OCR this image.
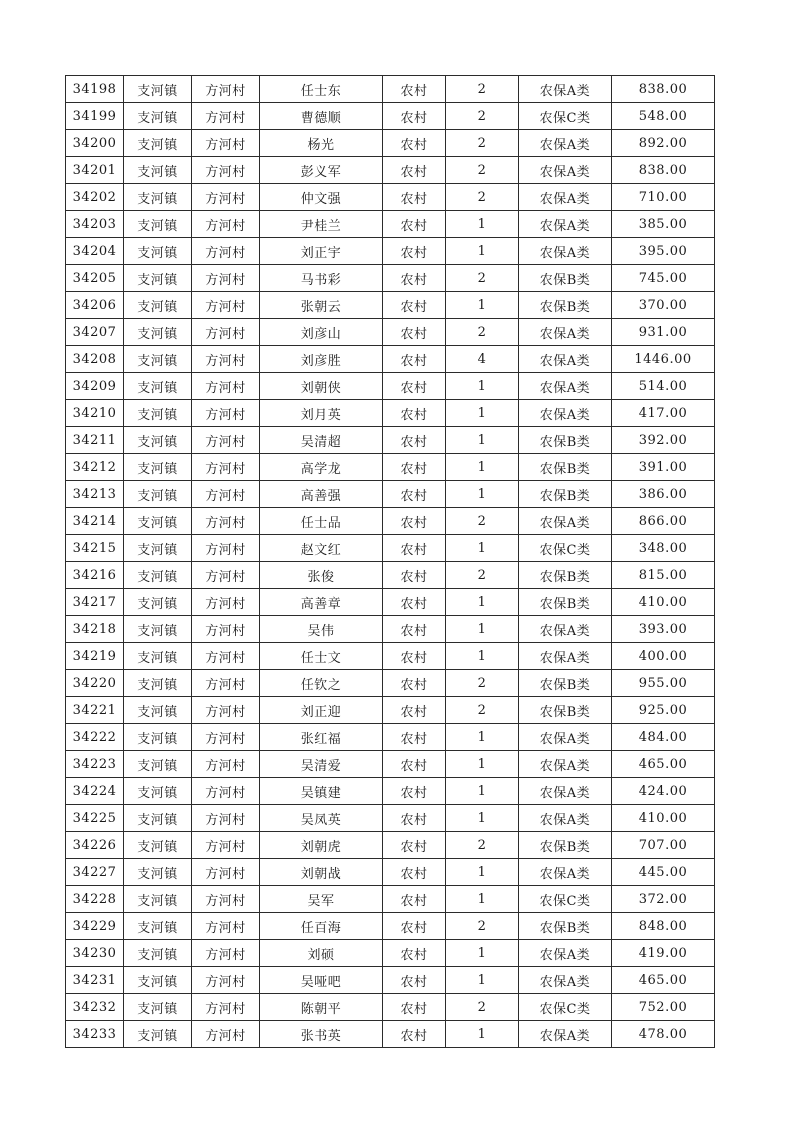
34198	支河镇	方河村	任士东	农村	2	农保A类	838.00
34199	支河镇	方河村	曹德顺	农村	2	农保C类	548.00
34200	支河镇	方河村	杨光	农村	2	农保A类	892.00
34201	支河镇	方河村	彭义军	农村	2	农保A类	838.00
34202	支河镇	方河村	仲文强	农村	2	农保A类	710.00
34203	支河镇	方河村	尹桂兰	农村	1	农保A类	385.00
34204	支河镇	方河村	刘正宇	农村	1	农保A类	395.00
34205	支河镇	方河村	马书彩	农村	2	农保B类	745.00
34206	支河镇	方河村	张朝云	农村	1	农保B类	370.00
34207	支河镇	方河村	刘彦山	农村	2	农保A类	931.00
34208	支河镇	方河村	刘彦胜	农村	4	农保A类	1446.00
34209	支河镇	方河村	刘朝侠	农村	1	农保A类	514.00
34210	支河镇	方河村	刘月英	农村	1	农保A类	417.00
34211	支河镇	方河村	吴清超	农村	1	农保B类	392.00
34212	支河镇	方河村	高学龙	农村	1	农保B类	391.00
34213	支河镇	方河村	高善强	农村	1	农保B类	386.00
34214	支河镇	方河村	任士品	农村	2	农保A类	866.00
34215	支河镇	方河村	赵文红	农村	1	农保C类	348.00
34216	支河镇	方河村	张俊	农村	2	农保B类	815.00
34217	支河镇	方河村	高善章	农村	1	农保B类	410.00
34218	支河镇	方河村	吴伟	农村	1	农保A类	393.00
34219	支河镇	方河村	任士文	农村	1	农保A类	400.00
34220	支河镇	方河村	任钦之	农村	2	农保B类	955.00
34221	支河镇	方河村	刘正迎	农村	2	农保B类	925.00
34222	支河镇	方河村	张红福	农村	1	农保A类	484.00
34223	支河镇	方河村	吴清爱	农村	1	农保A类	465.00
34224	支河镇	方河村	吴镇建	农村	1	农保A类	424.00
34225	支河镇	方河村	吴凤英	农村	1	农保A类	410.00
34226	支河镇	方河村	刘朝虎	农村	2	农保B类	707.00
34227	支河镇	方河村	刘朝战	农村	1	农保A类	445.00
34228	支河镇	方河村	吴军	农村	1	农保C类	372.00
34229	支河镇	方河村	任百海	农村	2	农保B类	848.00
34230	支河镇	方河村	刘硕	农村	1	农保A类	419.00
34231	支河镇	方河村	吴哑吧	农村	1	农保A类	465.00
34232	支河镇	方河村	陈朝平	农村	2	农保C类	752.00
34233	支河镇	方河村	张书英	农村	1	农保A类	478.00
